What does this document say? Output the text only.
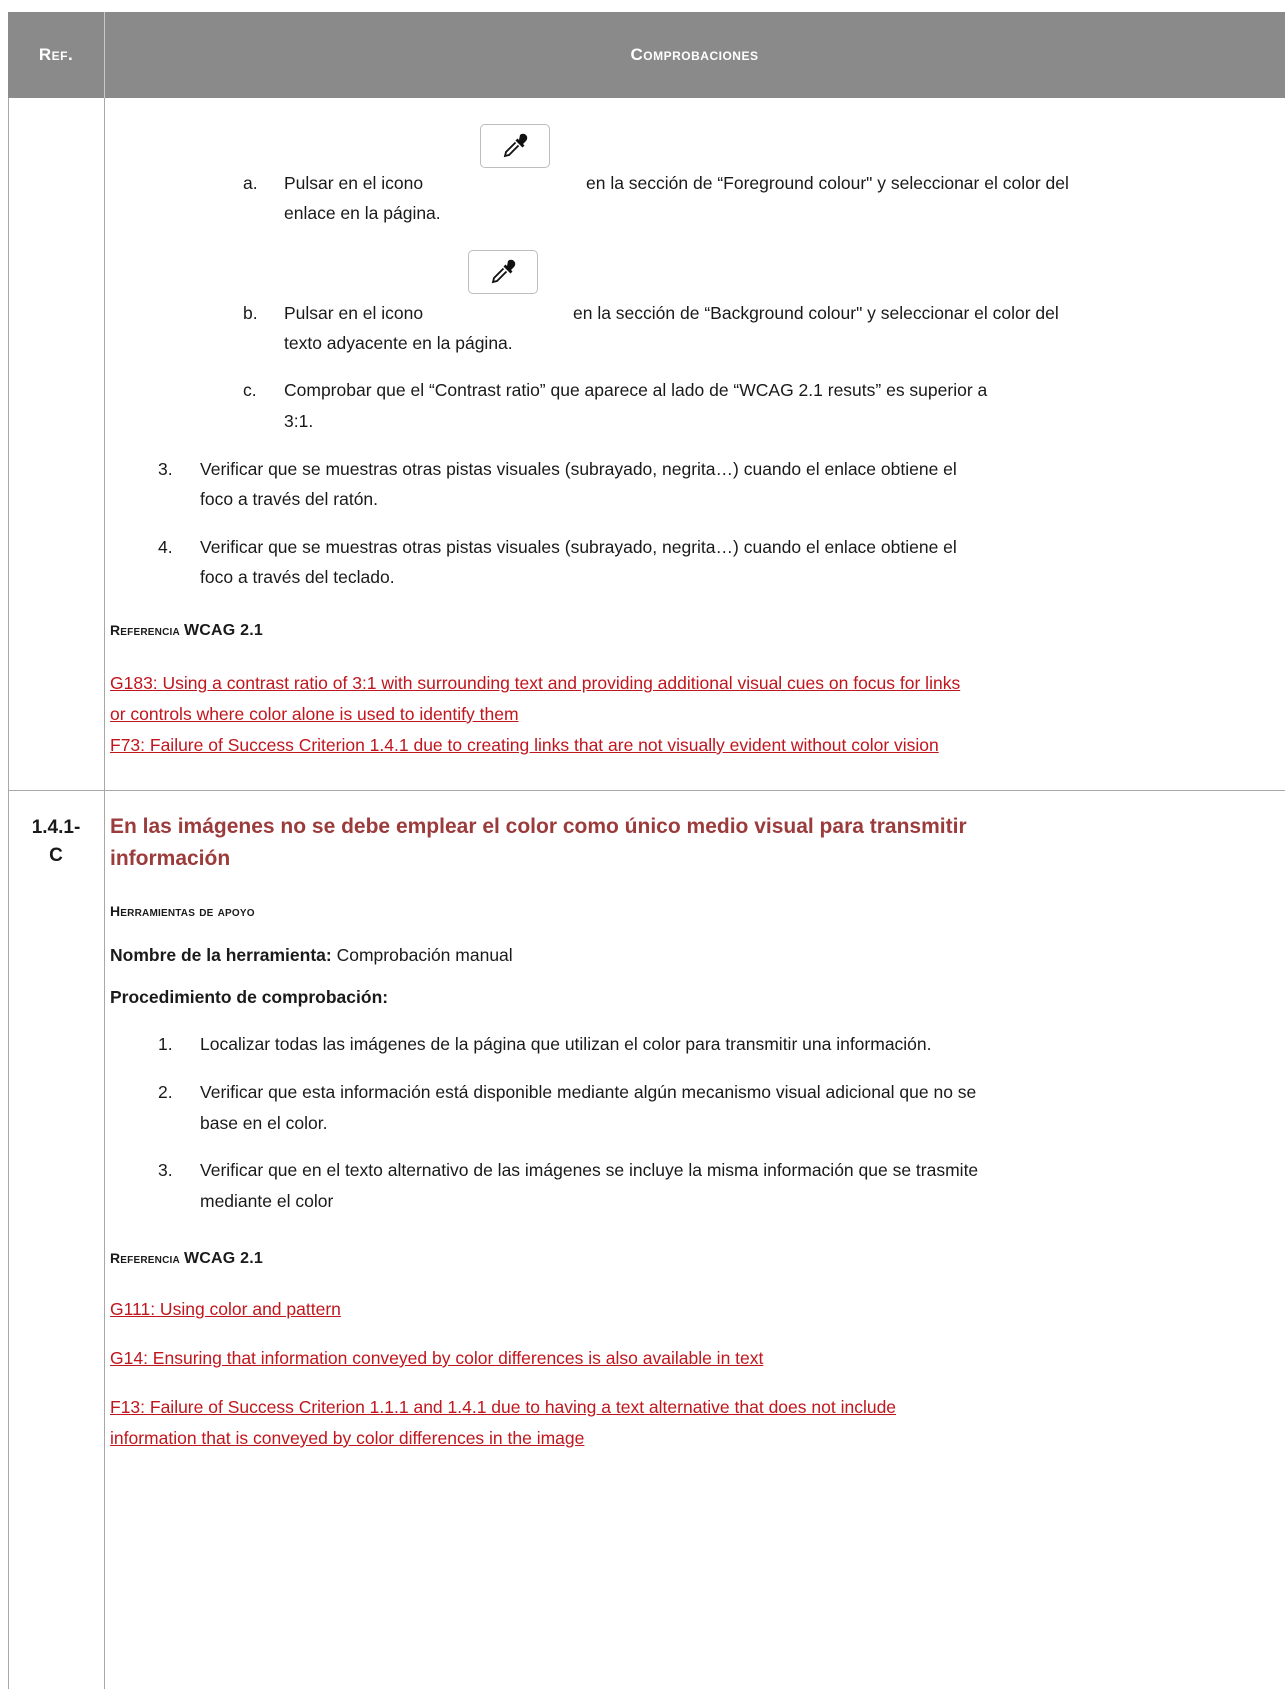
Ref.	Comprobaciones
a. Pulsar en el icono	en la sección de “Foreground colour" y seleccionar el color del
enlace en la página.
b. Pulsar en el icono	en la sección de “Background colour" y seleccionar el color del
texto adyacente en la página.
c. Comprobar que el “Contrast ratio” que aparece al lado de “WCAG 2.1 resuts” es superior a
3:1.
3. Verificar que se muestras otras pistas visuales (subrayado, negrita…) cuando el enlace obtiene el
foco a través del ratón.
4. Verificar que se muestras otras pistas visuales (subrayado, negrita…) cuando el enlace obtiene el
foco a través del teclado.
Referencia WCAG 2.1
G183: Using a contrast ratio of 3:1 with surrounding text and providing additional visual cues on focus for links
or controls where color alone is used to identify them
F73: Failure of Success Criterion 1.4.1 due to creating links that are not visually evident without color vision
1.4.1-
C
En las imágenes no se debe emplear el color como único medio visual para transmitir
información
Herramientas de apoyo
Nombre de la herramienta: Comprobación manual
Procedimiento de comprobación:
1. Localizar todas las imágenes de la página que utilizan el color para transmitir una información.
2. Verificar que esta información está disponible mediante algún mecanismo visual adicional que no se
base en el color.
3. Verificar que en el texto alternativo de las imágenes se incluye la misma información que se trasmite
mediante el color
Referencia WCAG 2.1
G111: Using color and pattern
G14: Ensuring that information conveyed by color differences is also available in text
F13: Failure of Success Criterion 1.1.1 and 1.4.1 due to having a text alternative that does not include
information that is conveyed by color differences in the image
